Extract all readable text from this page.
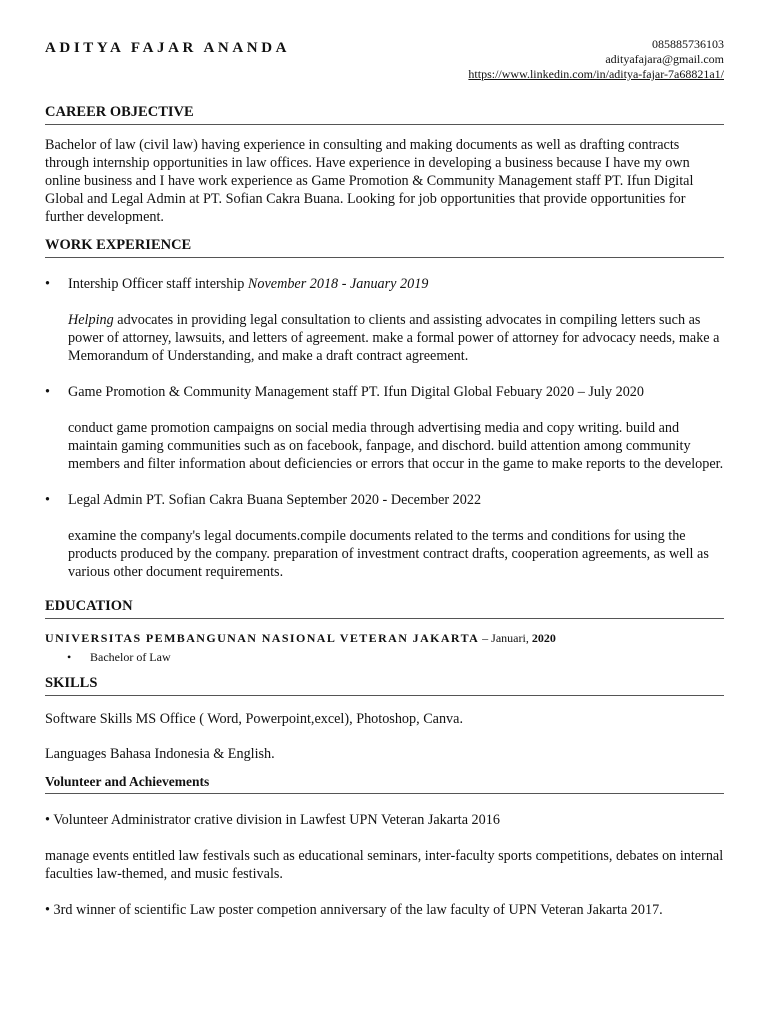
ADITYA FAJAR ANANDA	085885736103
adityafajara@gmail.com
https://www.linkedin.com/in/aditya-fajar-7a68821a1/
CAREER OBJECTIVE

Bachelor of law (civil law) having experience in consulting and making documents as well as drafting contracts through internship opportunities in law offices. Have experience in developing a business because I have my own online business and I have work experience as Game Promotion & Community Management staff PT. Ifun Digital Global and Legal Admin at PT. Sofian Cakra Buana. Looking for job opportunities that provide opportunities for further development.

WORK EXPERIENCE
• Intership Officer staff intership November 2018 - January 2019
Helping advocates in providing legal consultation to clients and assisting advocates in compiling letters such as power of attorney, lawsuits, and letters of agreement. make a formal power of attorney for advocacy needs, make a Memorandum of Understanding, and make a draft contract agreement.
• Game Promotion & Community Management staff PT. Ifun Digital Global Febuary 2020 – July 2020
conduct game promotion campaigns on social media through advertising media and copy writing. build and maintain gaming communities such as on facebook, fanpage, and dischord. build attention among community members and filter information about deficiencies or errors that occur in the game to make reports to the developer.
• Legal Admin PT. Sofian Cakra Buana September 2020 - December 2022
examine the company's legal documents.compile documents related to the terms and conditions for using the products produced by the company. preparation of investment contract drafts, cooperation agreements, as well as various other document requirements.
EDUCATION
UNIVERSITAS PEMBANGUNAN NASIONAL VETERAN JAKARTA – Januari, 2020
• Bachelor of Law
SKILLS

Software Skills MS Office ( Word, Powerpoint,excel), Photoshop, Canva.

Languages Bahasa Indonesia & English.

Volunteer and Achievements

• Volunteer Administrator crative division in Lawfest UPN Veteran Jakarta 2016

manage events entitled law festivals such as educational seminars, inter-faculty sports competitions, debates on internal faculties law-themed, and music festivals.

• 3rd winner of scientific Law poster competion anniversary of the law faculty of UPN Veteran Jakarta 2017.
